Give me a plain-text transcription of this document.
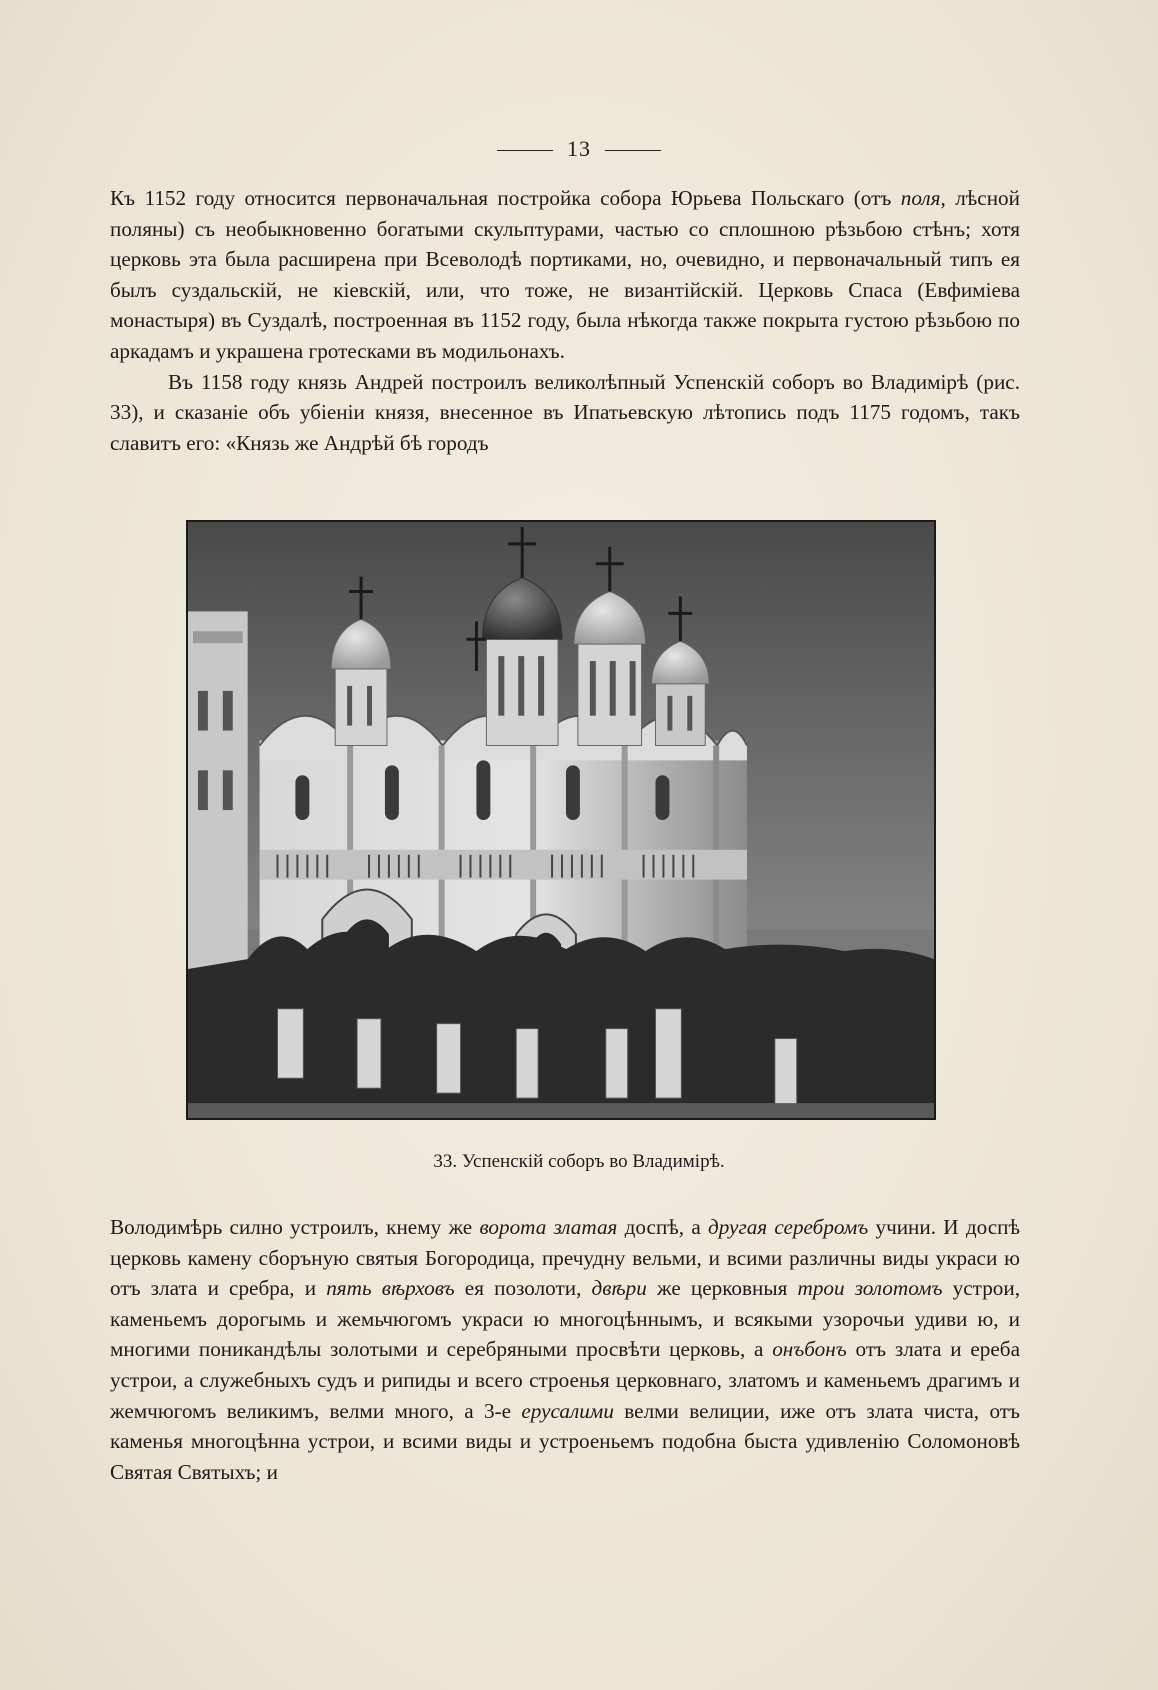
13

Къ 1152 году относится первоначальная постройка собора Юрьева Польскаго (отъ поля, лѣсной поляны) съ необыкновенно богатыми скульптурами, частью со сплошною рѣзьбою стѣнъ; хотя церковь эта была расширена при Всеволодѣ портиками, но, очевидно, и первоначальный типъ ея былъ суздальскій, не кіевскій, или, что тоже, не византійскій. Церковь Спаса (Евфиміева монастыря) въ Суздалѣ, построенная въ 1152 году, была нѣкогда также покрыта густою рѣзьбою по аркадамъ и украшена гротесками въ модильонахъ.

Въ 1158 году князь Андрей построилъ великолѣпный Успенскій соборъ во Владимірѣ (рис. 33), и сказаніе объ убіеніи князя, внесенное въ Ипатьевскую лѣтопись подъ 1175 годомъ, такъ славитъ его: «Князь же Андрѣй бѣ городъ

33. Успенскій соборъ во Владимірѣ.

Володимѣрь силно устроилъ, кнему же ворота златая доспѣ, а другая серебромъ учини. И доспѣ церковь камену сборъную святыя Богородица, пречудну вельми, и всими различны виды украси ю отъ злата и сребра, и пять вѣрховъ ея позолоти, двѣри же церковныя трои золотомъ устрои, каменьемъ дорогымь и жемьчюгомъ украси ю многоцѣннымъ, и всякыми узорочьи удиви ю, и многими поникандѣлы золотыми и серебряными просвѣти церковь, а онъбонъ отъ злата и ереба устрои, а служебныхъ судъ и рипиды и всего строенья церковнаго, златомъ и каменьемъ драгимъ и жемчюгомъ великимъ, велми много, а 3-е ерусалими велми велиции, иже отъ злата чиста, отъ каменья многоцѣнна устрои, и всими виды и устроеньемъ подобна быста удивленію Соломоновѣ Святая Святыхъ; и
